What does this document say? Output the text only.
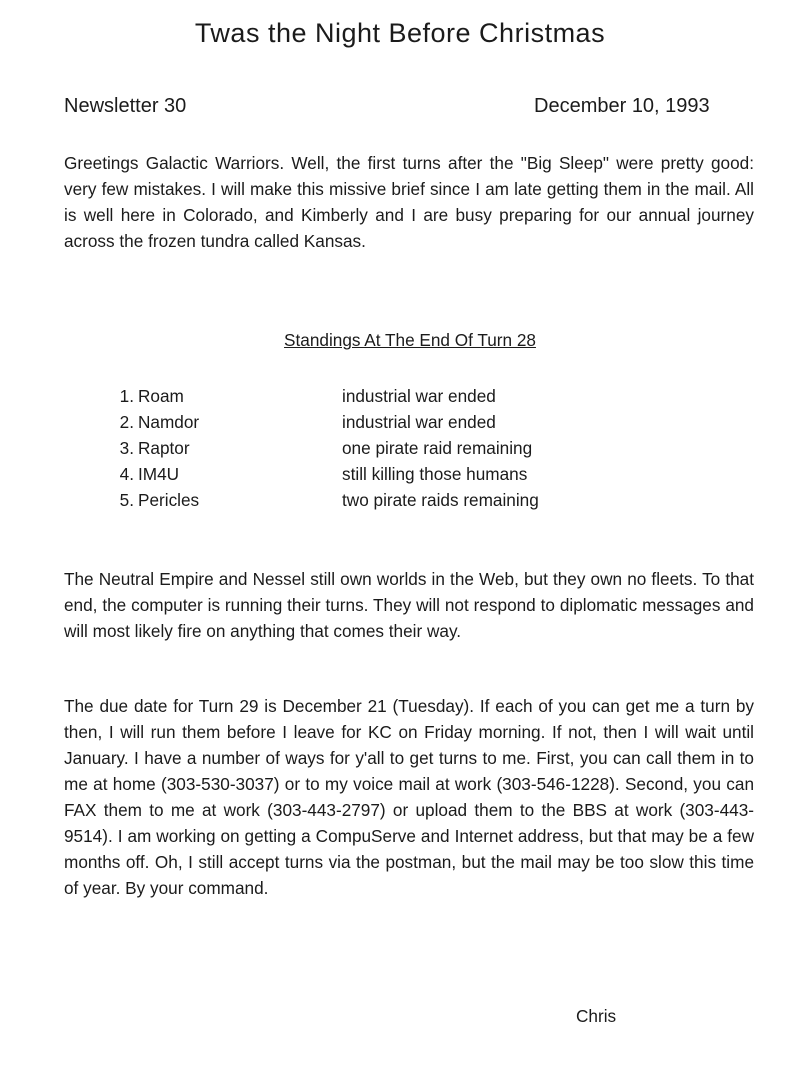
Twas the Night Before Christmas
Newsletter 30	December 10, 1993

Greetings Galactic Warriors. Well, the first turns after the "Big Sleep" were pretty good: very few mistakes. I will make this missive brief since I am late getting them in the mail. All is well here in Colorado, and Kimberly and I are busy preparing for our annual journey across the frozen tundra called Kansas.

Standings At The End Of Turn 28
1. Roam	industrial war ended
2. Namdor	industrial war ended
3. Raptor	one pirate raid remaining
4. IM4U	still killing those humans
5. Pericles	two pirate raids remaining

The Neutral Empire and Nessel still own worlds in the Web, but they own no fleets. To that end, the computer is running their turns. They will not respond to diplomatic messages and will most likely fire on anything that comes their way.

The due date for Turn 29 is December 21 (Tuesday). If each of you can get me a turn by then, I will run them before I leave for KC on Friday morning. If not, then I will wait until January. I have a number of ways for y'all to get turns to me. First, you can call them in to me at home (303-530-3037) or to my voice mail at work (303-546-1228). Second, you can FAX them to me at work (303-443-2797) or upload them to the BBS at work (303-443-9514). I am working on getting a CompuServe and Internet address, but that may be a few months off. Oh, I still accept turns via the postman, but the mail may be too slow this time of year. By your command.

Chris
